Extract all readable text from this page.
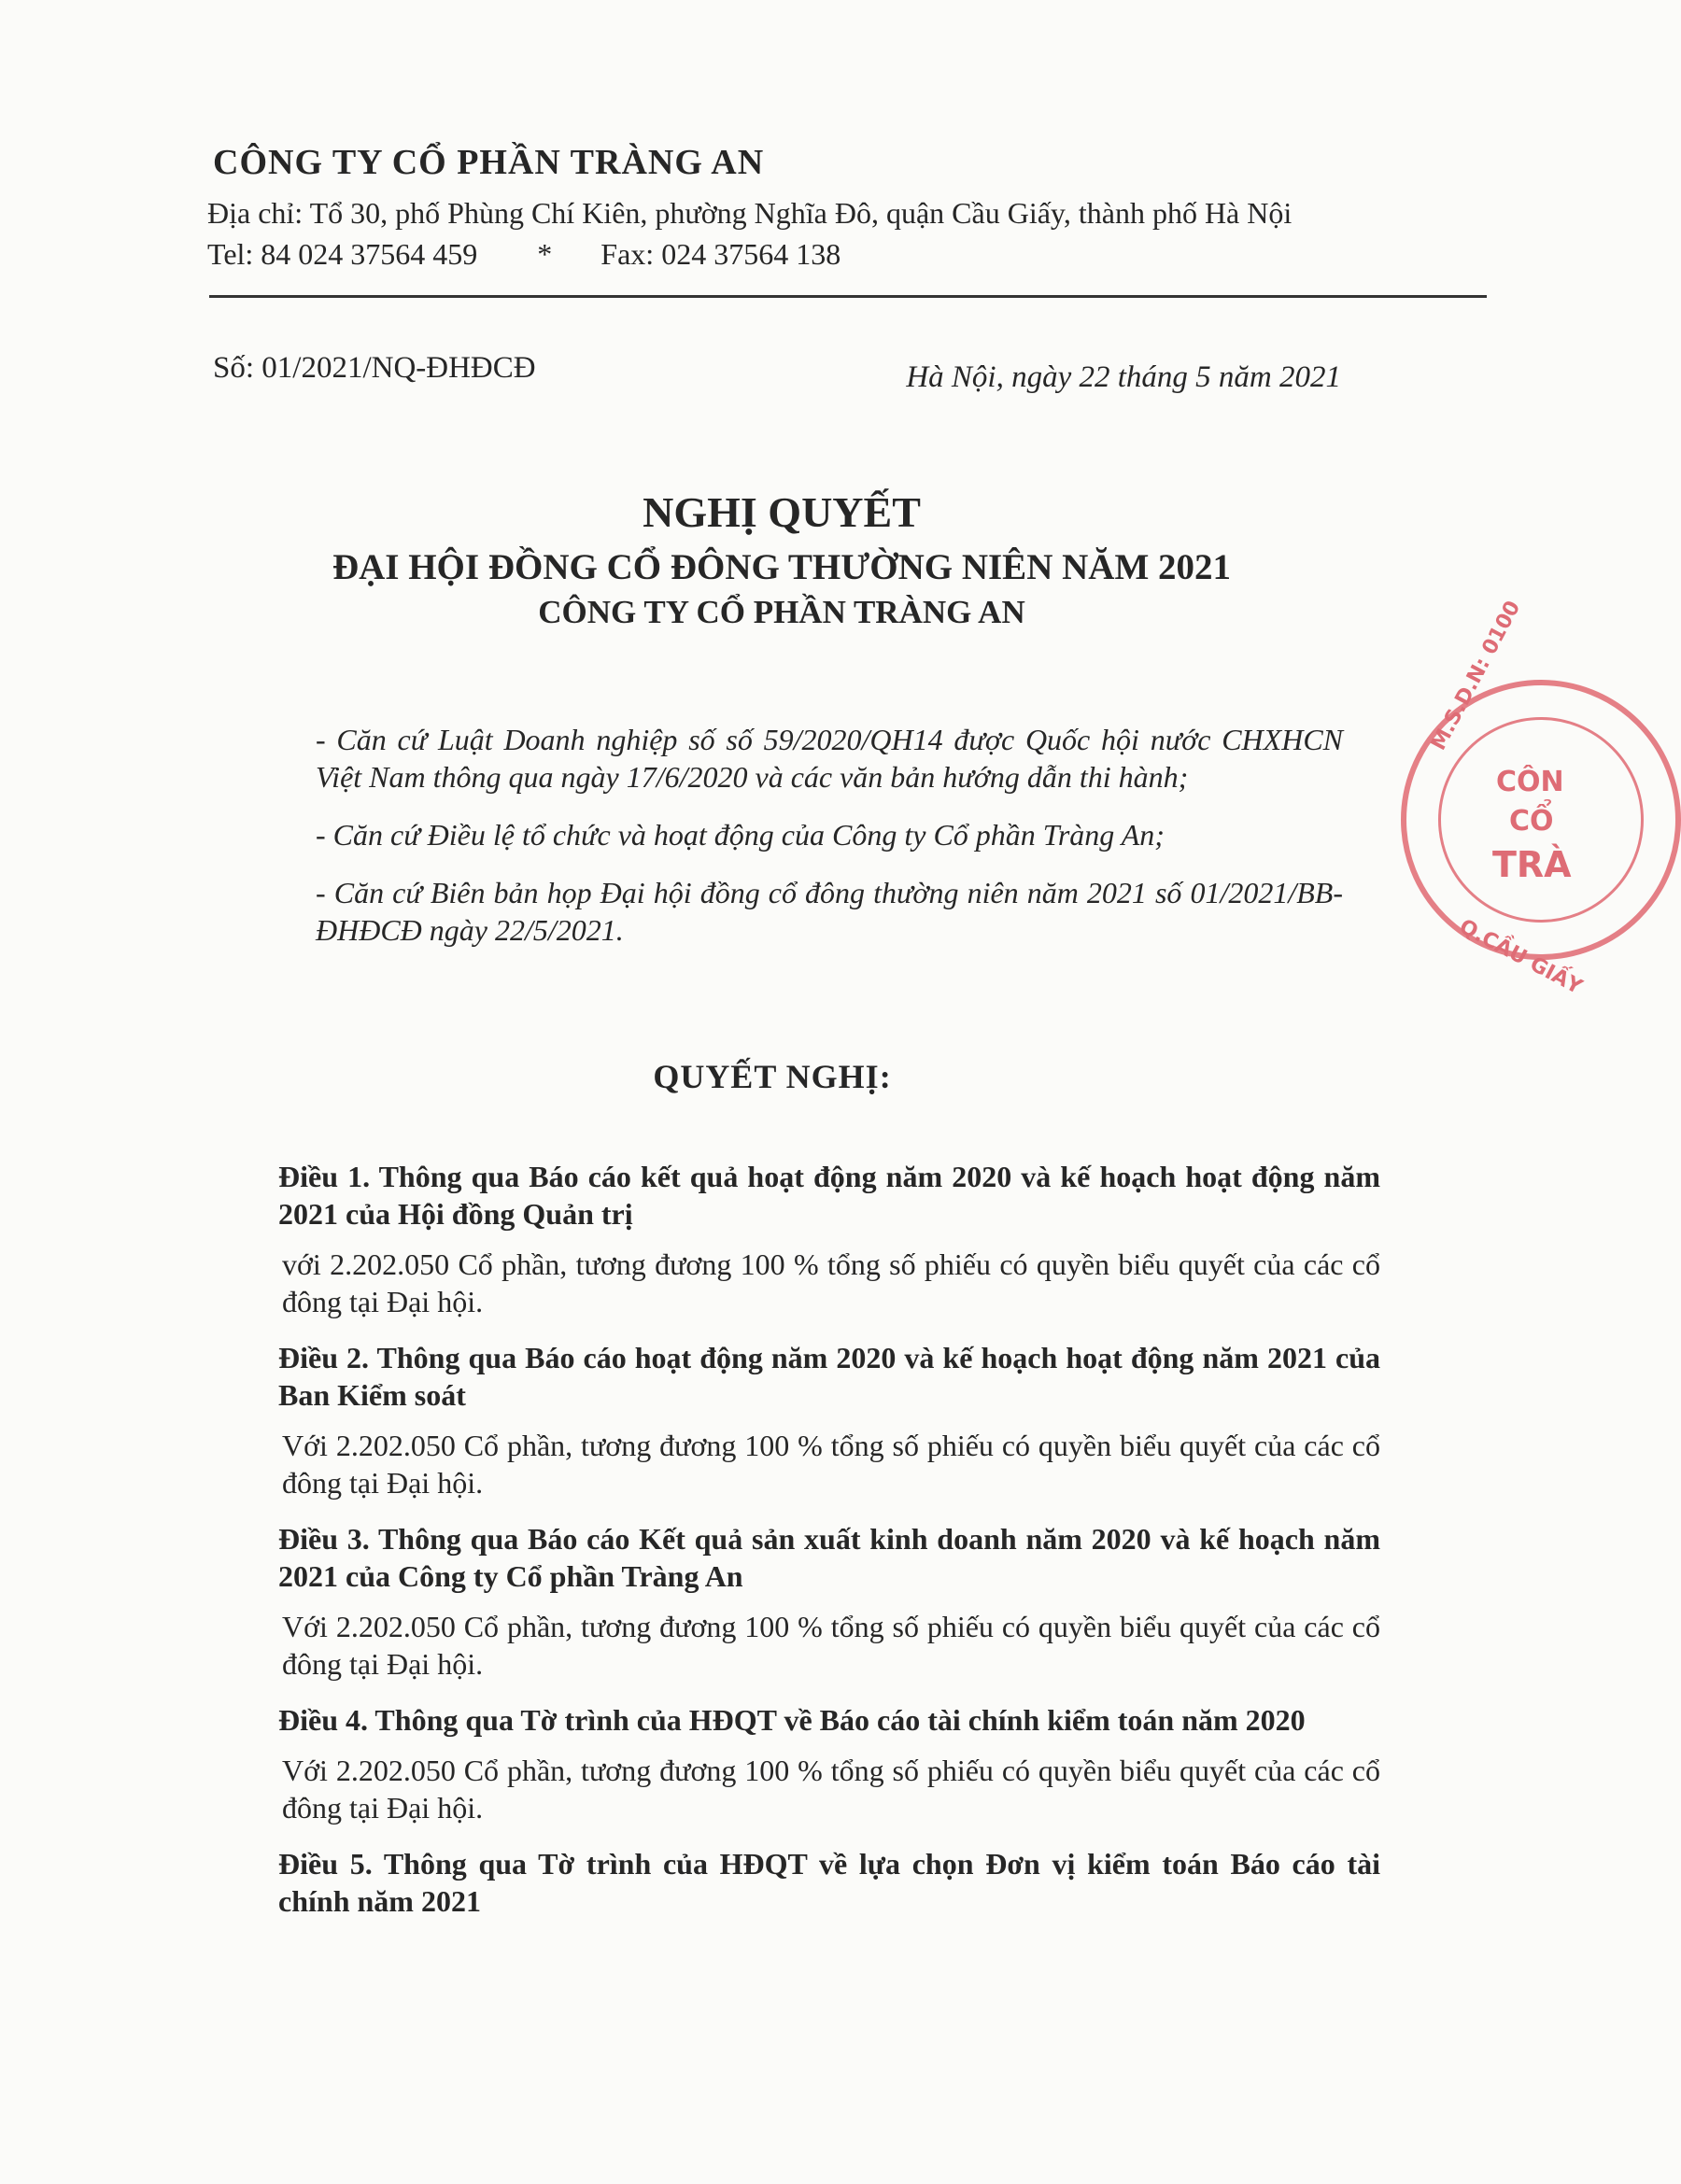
CÔNG TY CỔ PHẦN TRÀNG AN
Địa chỉ: Tổ 30, phố Phùng Chí Kiên, phường Nghĩa Đô, quận Cầu Giấy, thành phố Hà Nội
Tel: 84 024 37564 459 * Fax: 024 37564 138
Số: 01/2021/NQ-ĐHĐCĐ	Hà Nội, ngày 22 tháng 5 năm 2021
NGHỊ QUYẾT
ĐẠI HỘI ĐỒNG CỔ ĐÔNG THƯỜNG NIÊN NĂM 2021
CÔNG TY CỔ PHẦN TRÀNG AN

- Căn cứ Luật Doanh nghiệp số số 59/2020/QH14 được Quốc hội nước CHXHCN Việt Nam thông qua ngày 17/6/2020 và các văn bản hướng dẫn thi hành;

- Căn cứ Điều lệ tổ chức và hoạt động của Công ty Cổ phần Tràng An;

- Căn cứ Biên bản họp Đại hội đồng cổ đông thường niên năm 2021 số 01/2021/BB-ĐHĐCĐ ngày 22/5/2021.

QUYẾT NGHỊ:

Điều 1. Thông qua Báo cáo kết quả hoạt động năm 2020 và kế hoạch hoạt động năm 2021 của Hội đồng Quản trị

với 2.202.050 Cổ phần, tương đương 100 % tổng số phiếu có quyền biểu quyết của các cổ đông tại Đại hội.

Điều 2. Thông qua Báo cáo hoạt động năm 2020 và kế hoạch hoạt động năm 2021 của Ban Kiểm soát

Với 2.202.050 Cổ phần, tương đương 100 % tổng số phiếu có quyền biểu quyết của các cổ đông tại Đại hội.

Điều 3. Thông qua Báo cáo Kết quả sản xuất kinh doanh năm 2020 và kế hoạch năm 2021 của Công ty Cổ phần Tràng An

Với 2.202.050 Cổ phần, tương đương 100 % tổng số phiếu có quyền biểu quyết của các cổ đông tại Đại hội.

Điều 4. Thông qua Tờ trình của HĐQT về Báo cáo tài chính kiểm toán năm 2020

Với 2.202.050 Cổ phần, tương đương 100 % tổng số phiếu có quyền biểu quyết của các cổ đông tại Đại hội.

Điều 5. Thông qua Tờ trình của HĐQT về lựa chọn Đơn vị kiểm toán Báo cáo tài chính năm 2021

M.S.D.N: 0100
Q.CẦU GIẤY
CÔN
CỔ
TRÀ
